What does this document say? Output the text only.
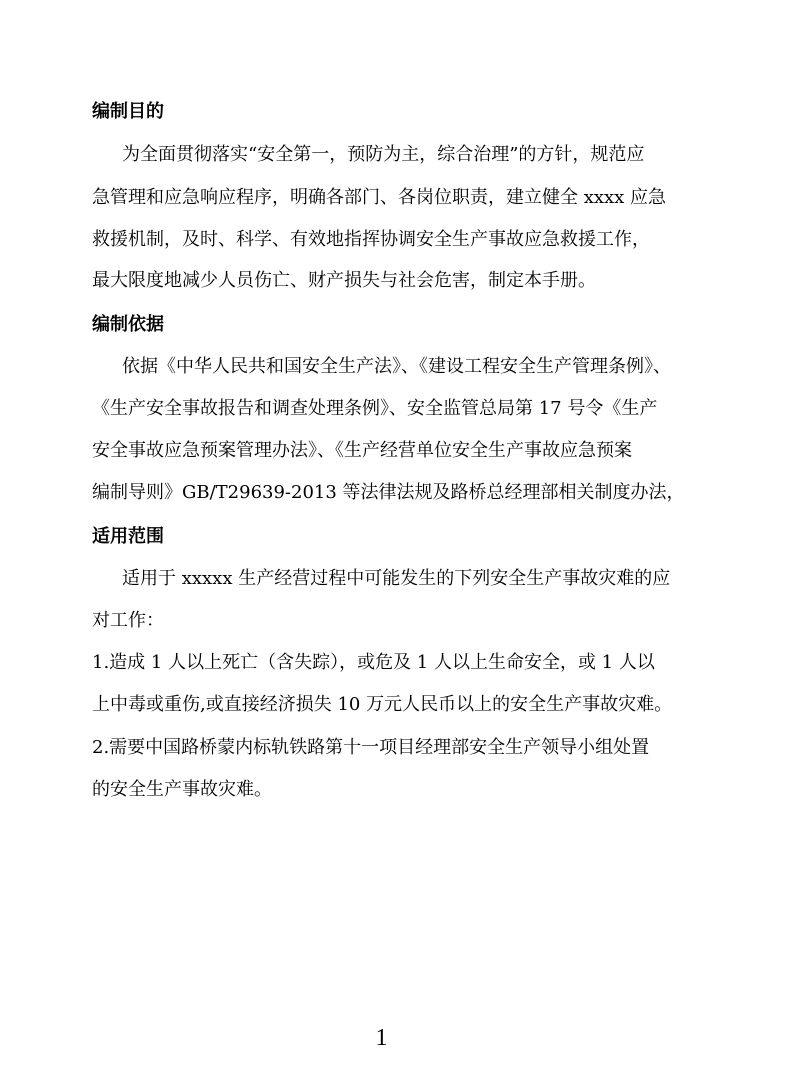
编制目的
为全面贯彻落实“安全第一，预防为主，综合治理”的方针，规范应
急管理和应急响应程序，明确各部门、各岗位职责，建立健全 xxxx 应急
救援机制，及时、科学、有效地指挥协调安全生产事故应急救援工作，
最大限度地减少人员伤亡、财产损失与社会危害，制定本手册。
编制依据
依据《中华人民共和国安全生产法》、《建设工程安全生产管理条例》、
《生产安全事故报告和调查处理条例》、安全监管总局第 17 号令《生产
安全事故应急预案管理办法》、《生产经营单位安全生产事故应急预案
编制导则》GB/T29639-2013 等法律法规及路桥总经理部相关制度办法，
适用范围
适用于 xxxxx 生产经营过程中可能发生的下列安全生产事故灾难的应
对工作：
1.造成 1 人以上死亡（含失踪），或危及 1 人以上生命安全，或 1 人以
上中毒或重伤,或直接经济损失 10 万元人民币以上的安全生产事故灾难。
2.需要中国路桥蒙内标轨铁路第十一项目经理部安全生产领导小组处置
的安全生产事故灾难。
1
